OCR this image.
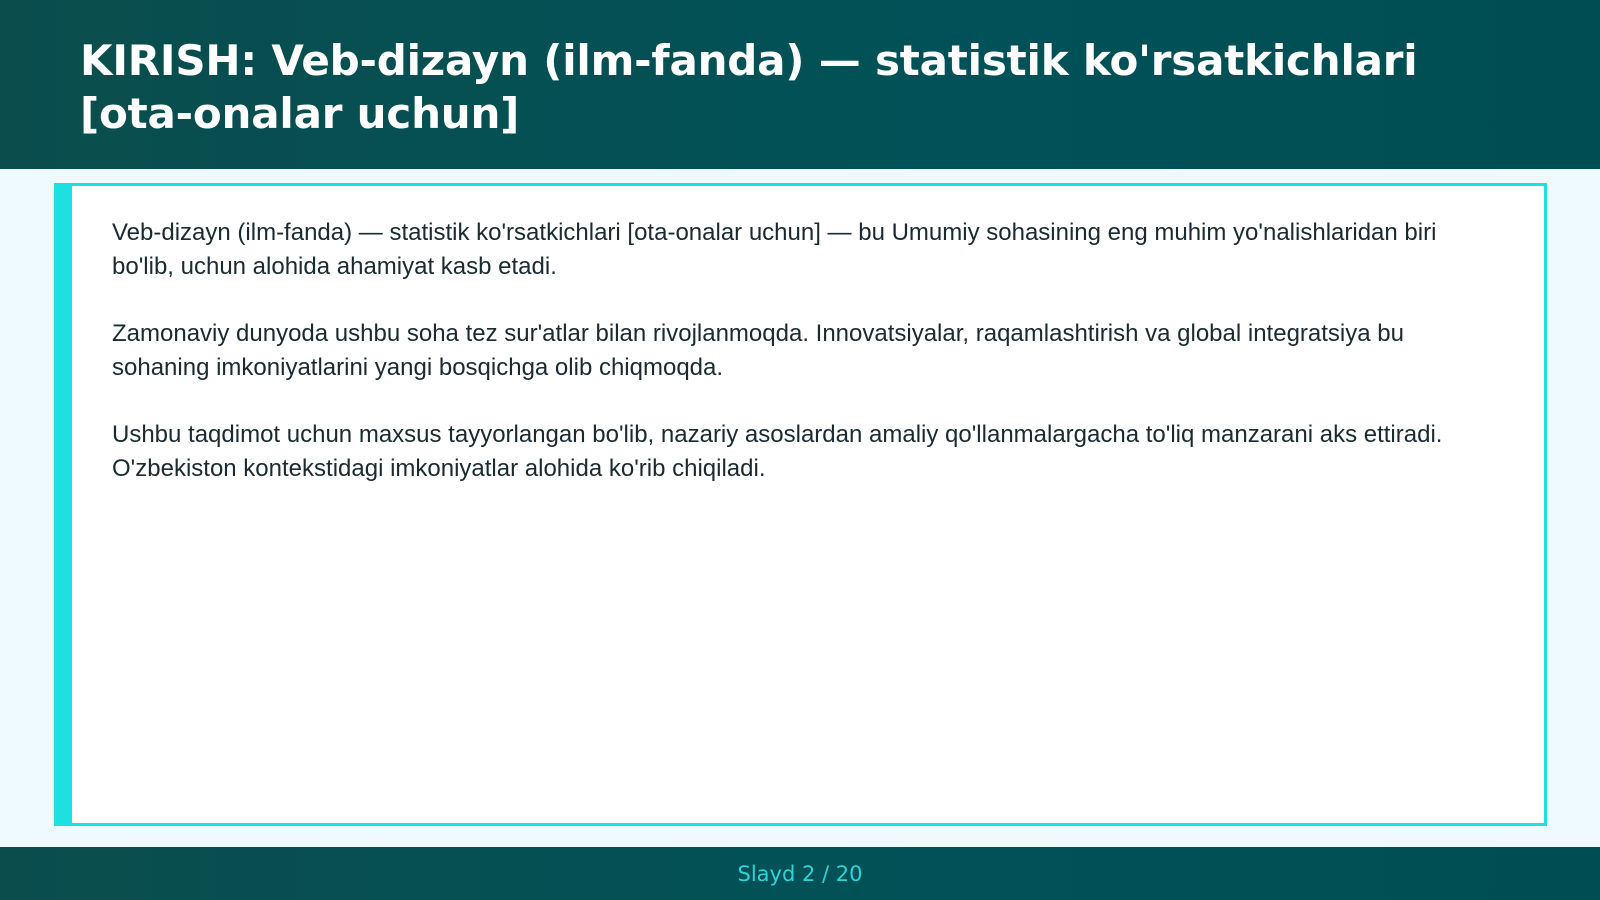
KIRISH: Veb-dizayn (ilm-fanda) — statistik ko'rsatkichlari [ota-onalar uchun]

Veb-dizayn (ilm-fanda) — statistik ko'rsatkichlari [ota-onalar uchun] — bu Umumiy sohasining eng muhim yo'nalishlaridan biri bo'lib, uchun alohida ahamiyat kasb etadi.

Zamonaviy dunyoda ushbu soha tez sur'atlar bilan rivojlanmoqda. Innovatsiyalar, raqamlashtirish va global integratsiya bu sohaning imkoniyatlarini yangi bosqichga olib chiqmoqda.

Ushbu taqdimot uchun maxsus tayyorlangan bo'lib, nazariy asoslardan amaliy qo'llanmalargacha to'liq manzarani aks ettiradi. O'zbekiston kontekstidagi imkoniyatlar alohida ko'rib chiqiladi.

Slayd 2 / 20
